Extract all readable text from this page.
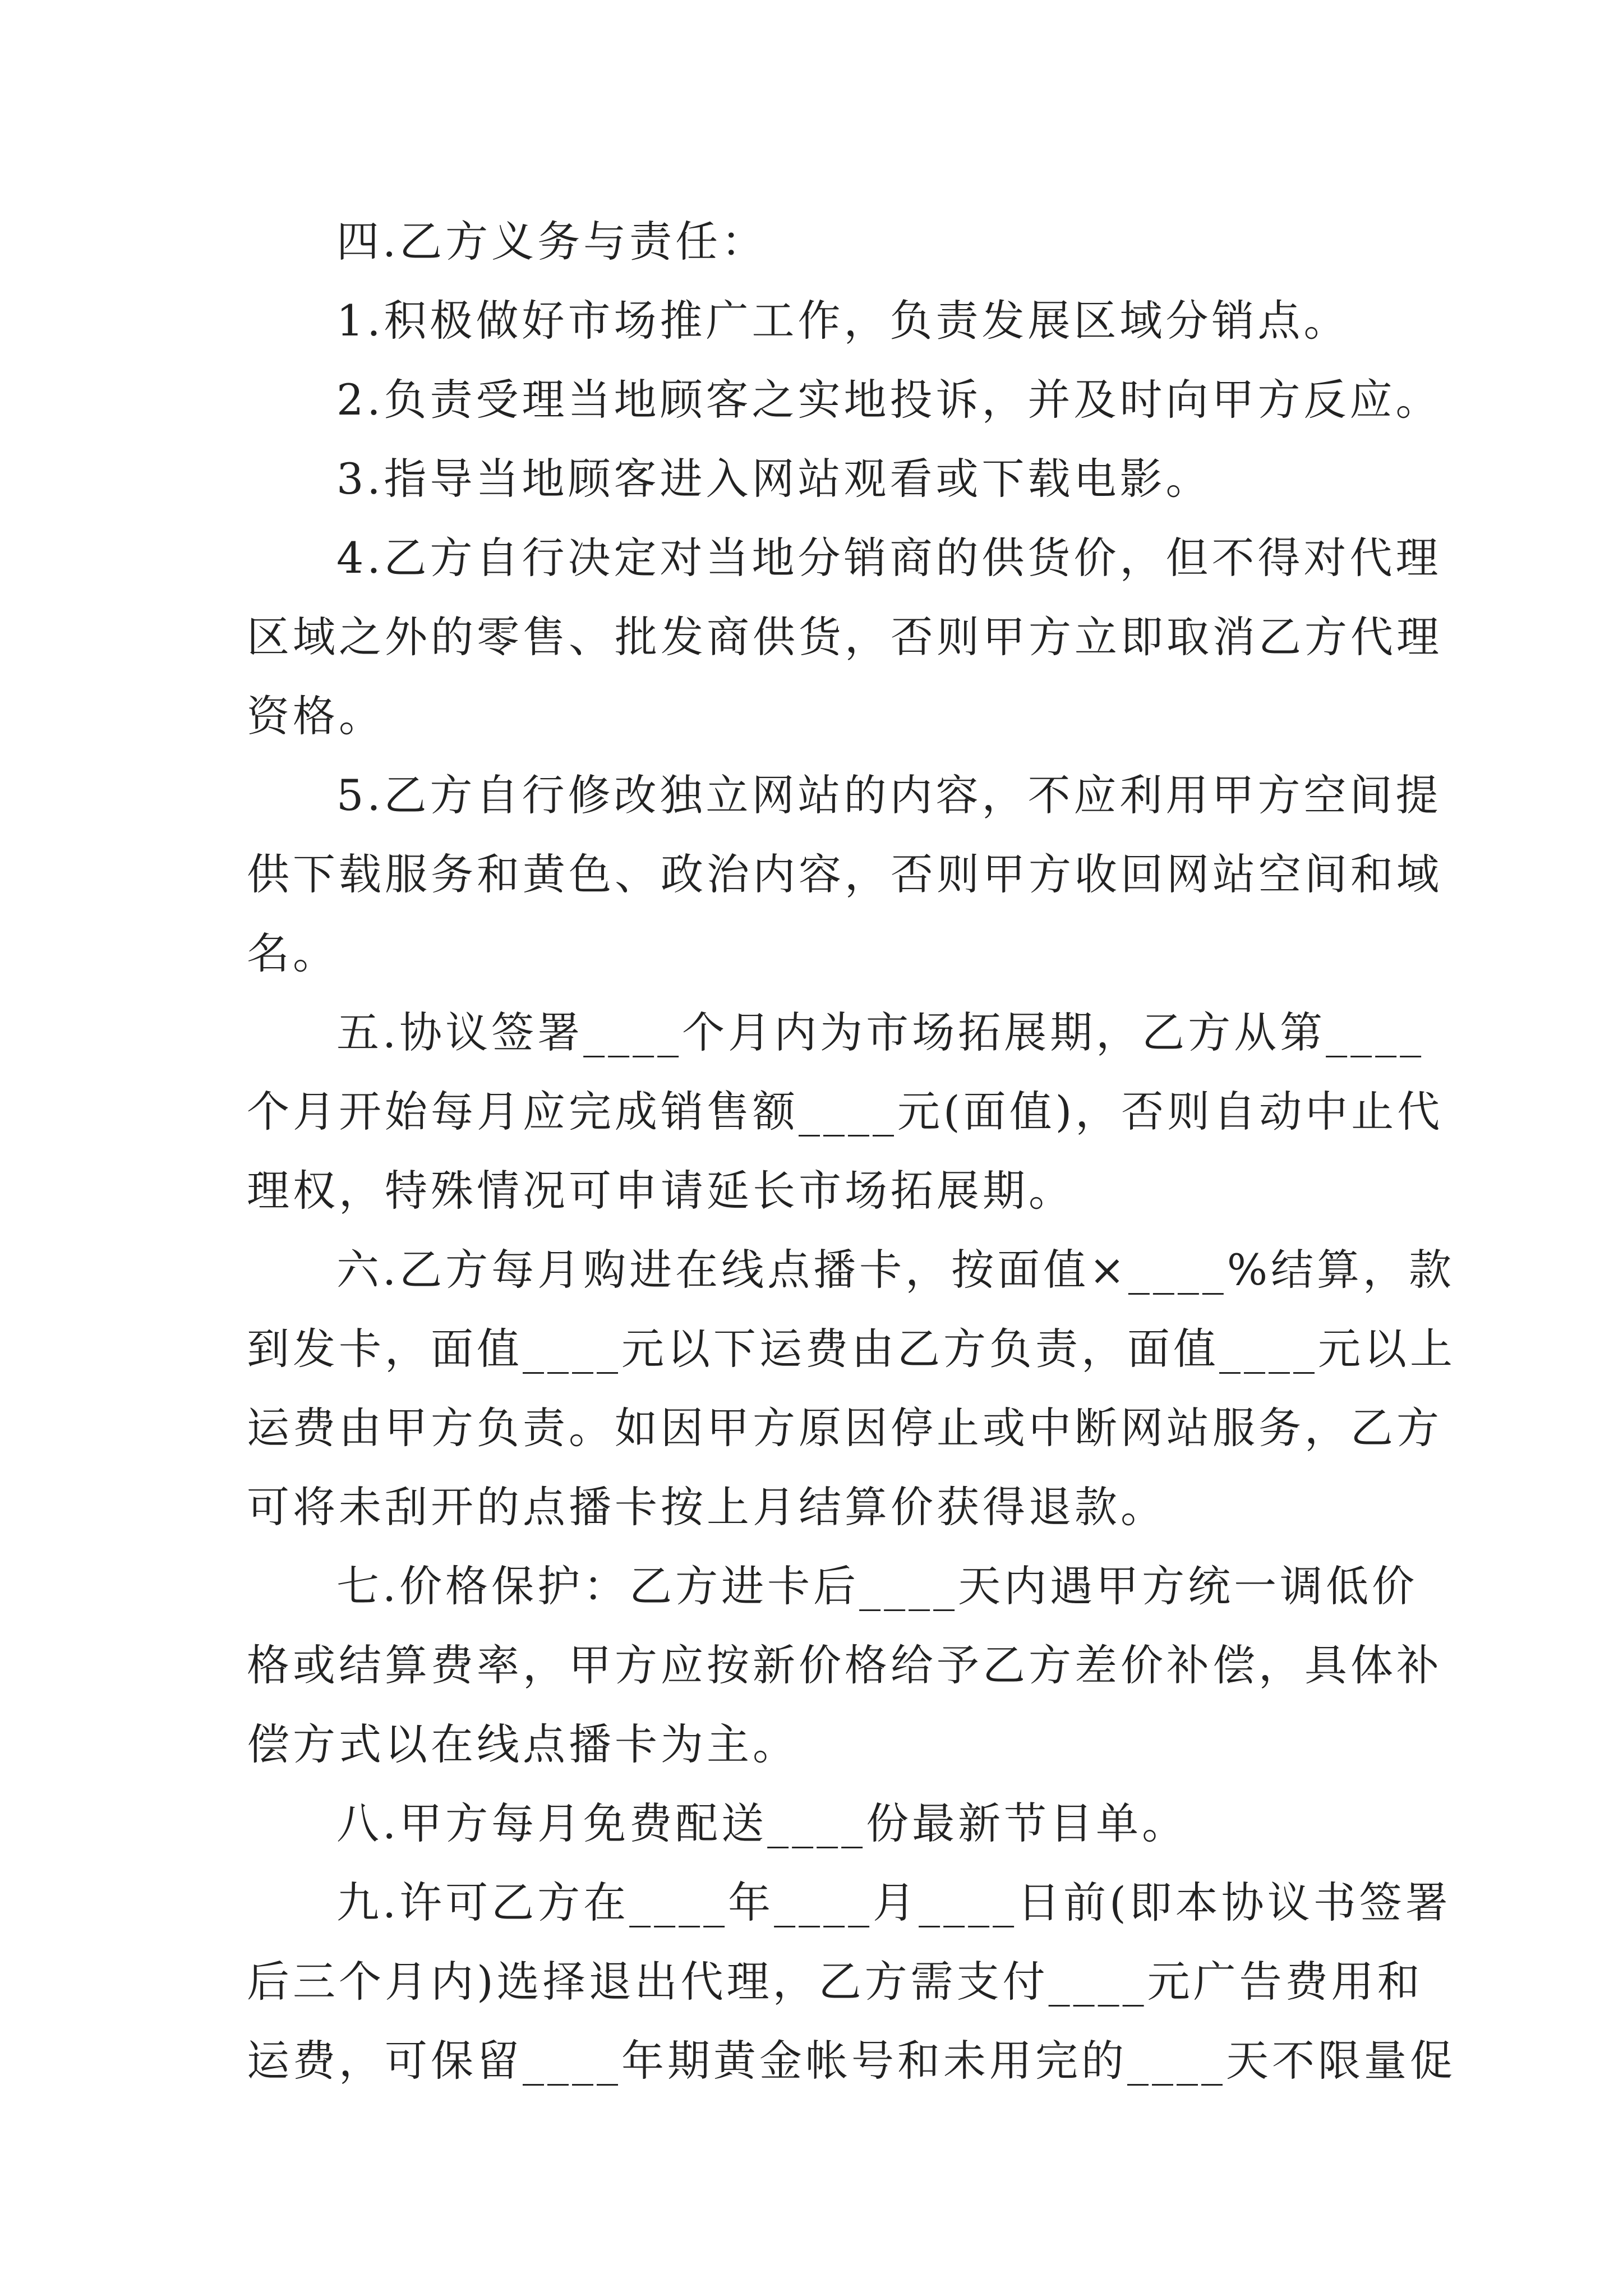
四.乙方义务与责任：
1.积极做好市场推广工作，负责发展区域分销点。
2.负责受理当地顾客之实地投诉，并及时向甲方反应。
3.指导当地顾客进入网站观看或下载电影。
4.乙方自行决定对当地分销商的供货价，但不得对代理
区域之外的零售、批发商供货，否则甲方立即取消乙方代理
资格。
5.乙方自行修改独立网站的内容，不应利用甲方空间提
供下载服务和黄色、政治内容，否则甲方收回网站空间和域
名。
五.协议签署____个月内为市场拓展期，乙方从第____
个月开始每月应完成销售额____元(面值)，否则自动中止代
理权，特殊情况可申请延长市场拓展期。
六.乙方每月购进在线点播卡，按面值×____%结算，款
到发卡，面值____元以下运费由乙方负责，面值____元以上
运费由甲方负责。如因甲方原因停止或中断网站服务，乙方
可将未刮开的点播卡按上月结算价获得退款。
七.价格保护：乙方进卡后____天内遇甲方统一调低价
格或结算费率，甲方应按新价格给予乙方差价补偿，具体补
偿方式以在线点播卡为主。
八.甲方每月免费配送____份最新节目单。
九.许可乙方在____年____月____日前(即本协议书签署
后三个月内)选择退出代理，乙方需支付____元广告费用和
运费，可保留____年期黄金帐号和未用完的____天不限量促
